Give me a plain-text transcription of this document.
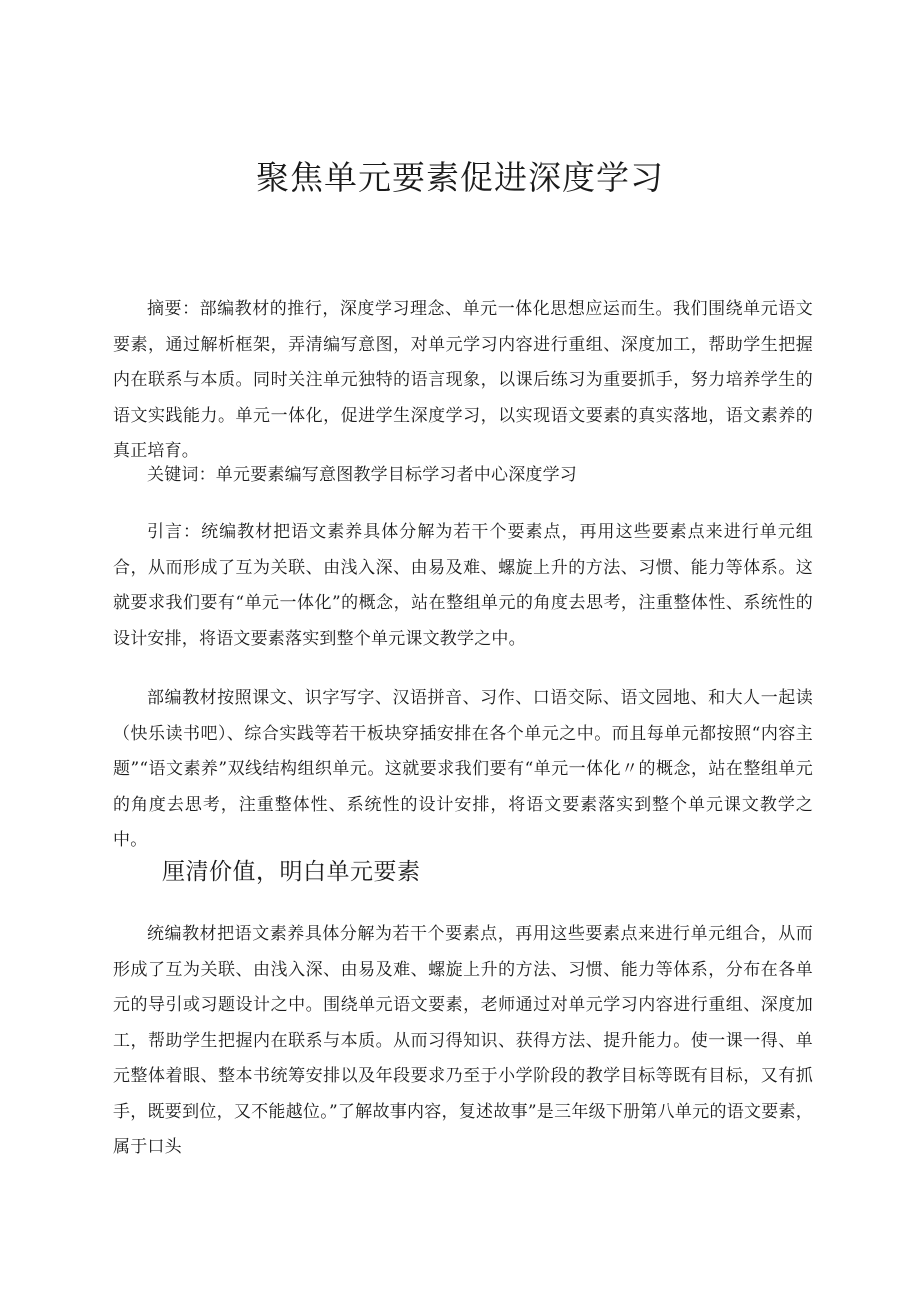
聚焦单元要素促进深度学习

摘要：部编教材的推行，深度学习理念、单元一体化思想应运而生。我们围绕单元语文要素，通过解析框架，弄清编写意图，对单元学习内容进行重组、深度加工，帮助学生把握内在联系与本质。同时关注单元独特的语言现象，以课后练习为重要抓手，努力培养学生的语文实践能力。单元一体化，促进学生深度学习，以实现语文要素的真实落地，语文素养的真正培育。

关键词：单元要素编写意图教学目标学习者中心深度学习

引言：统编教材把语文素养具体分解为若干个要素点，再用这些要素点来进行单元组合，从而形成了互为关联、由浅入深、由易及难、螺旋上升的方法、习惯、能力等体系。这就要求我们要有“单元一体化”的概念，站在整组单元的角度去思考，注重整体性、系统性的设计安排，将语文要素落实到整个单元课文教学之中。

部编教材按照课文、识字写字、汉语拼音、习作、口语交际、语文园地、和大人一起读（快乐读书吧）、综合实践等若干板块穿插安排在各个单元之中。而且每单元都按照“内容主题”“语文素养”双线结构组织单元。这就要求我们要有“单元一体化〃的概念，站在整组单元的角度去思考，注重整体性、系统性的设计安排，将语文要素落实到整个单元课文教学之中。

厘清价值，明白单元要素

统编教材把语文素养具体分解为若干个要素点，再用这些要素点来进行单元组合，从而形成了互为关联、由浅入深、由易及难、螺旋上升的方法、习惯、能力等体系，分布在各单元的导引或习题设计之中。围绕单元语文要素，老师通过对单元学习内容进行重组、深度加工，帮助学生把握内在联系与本质。从而习得知识、获得方法、提升能力。使一课一得、单元整体着眼、整本书统筹安排以及年段要求乃至于小学阶段的教学目标等既有目标，又有抓手，既要到位，又不能越位。”了解故事内容，复述故事”是三年级下册第八单元的语文要素，属于口头
